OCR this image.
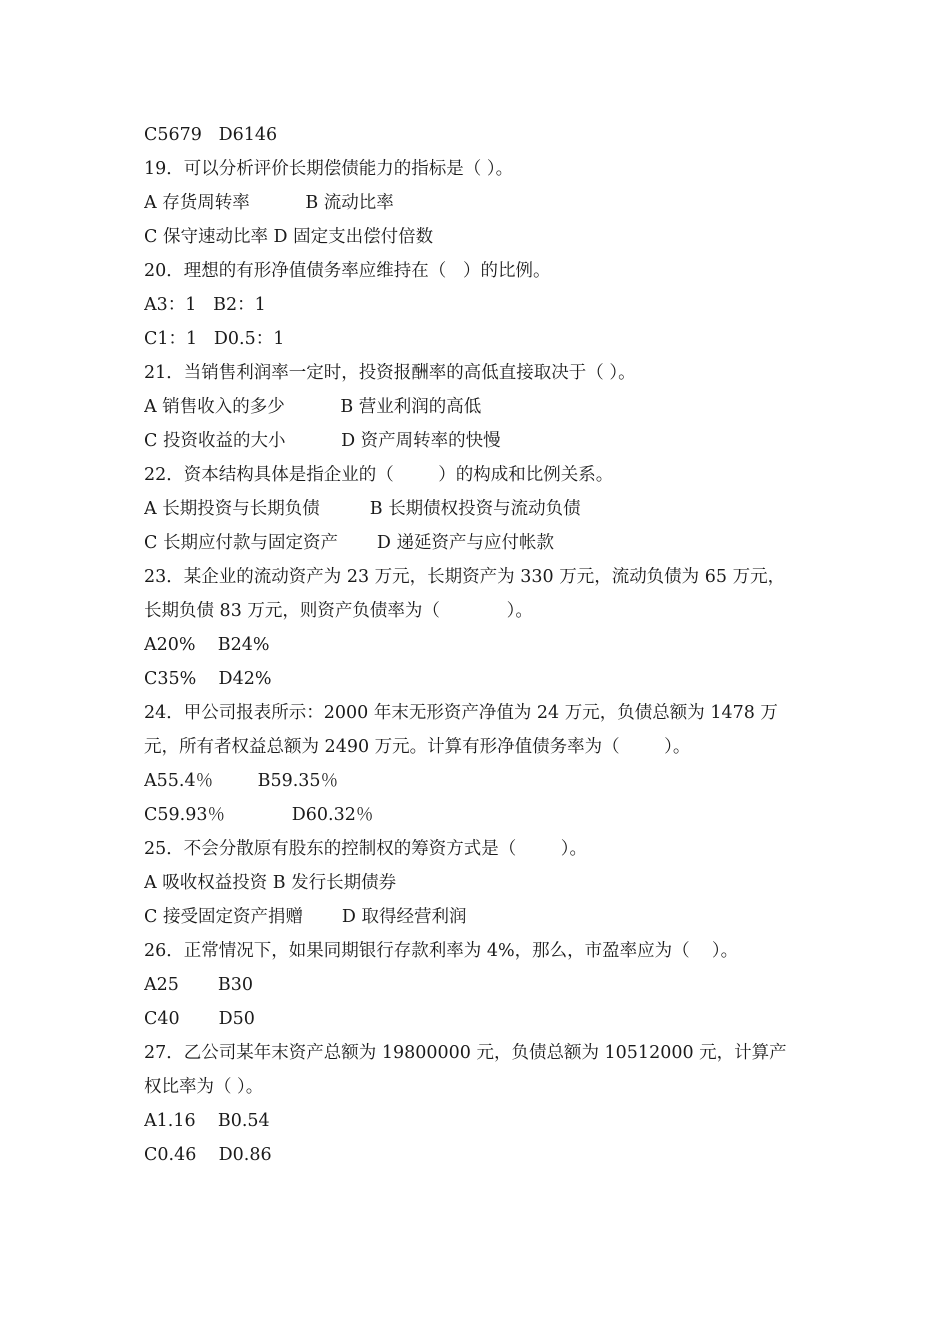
C5679   D6146
19．可以分析评价长期偿债能力的指标是（ ）。
A 存货周转率          B 流动比率
C 保守速动比率 D 固定支出偿付倍数
20．理想的有形净值债务率应维持在（   ）的比例。
A3：1   B2：1
C1：1   D0.5：1
21．当销售利润率一定时，投资报酬率的高低直接取决于（ ）。
A 销售收入的多少          B 营业利润的高低
C 投资收益的大小          D 资产周转率的快慢
22．资本结构具体是指企业的（        ）的构成和比例关系。
A 长期投资与长期负债         B 长期债权投资与流动负债
C 长期应付款与固定资产       D 递延资产与应付帐款
23．某企业的流动资产为 23 万元，长期资产为 330 万元，流动负债为 65 万元，
长期负债 83 万元，则资产负债率为（            ）。
A20%    B24%
C35%    D42%
24．甲公司报表所示：2000 年末无形资产净值为 24 万元，负债总额为 1478 万
元，所有者权益总额为 2490 万元。计算有形净值债务率为（        ）。
A55.4％        B59.35％
C59.93％            D60.32％
25．不会分散原有股东的控制权的筹资方式是（        ）。
A 吸收权益投资 B 发行长期债券
C 接受固定资产捐赠       D 取得经营利润
26．正常情况下，如果同期银行存款利率为 4%，那么，市盈率应为（    ）。
A25       B30
C40       D50
27．乙公司某年末资产总额为 19800000 元，负债总额为 10512000 元，计算产
权比率为（ ）。
A1.16    B0.54
C0.46    D0.86
